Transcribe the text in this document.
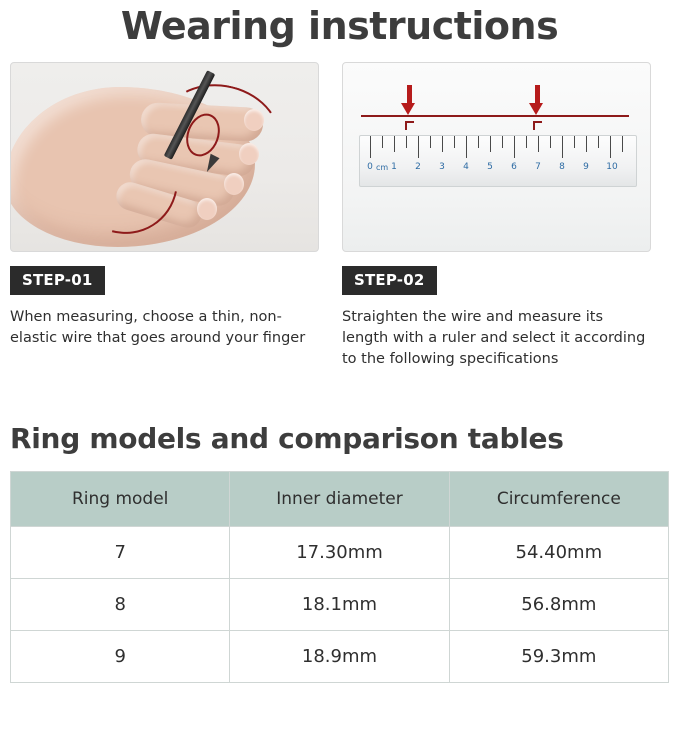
Wearing instructions
STEP-01
When measuring, choose a thin, non-elastic wire that goes around your finger
cm
0 1 2 3 4 5 6 7 8 9 10
STEP-02
Straighten the wire and measure its length with a ruler and select it according to the following specifications
Ring models and comparison tables
Ring model	Inner diameter	Circumference
7	17.30mm	54.40mm
8	18.1mm	56.8mm
9	18.9mm	59.3mm
